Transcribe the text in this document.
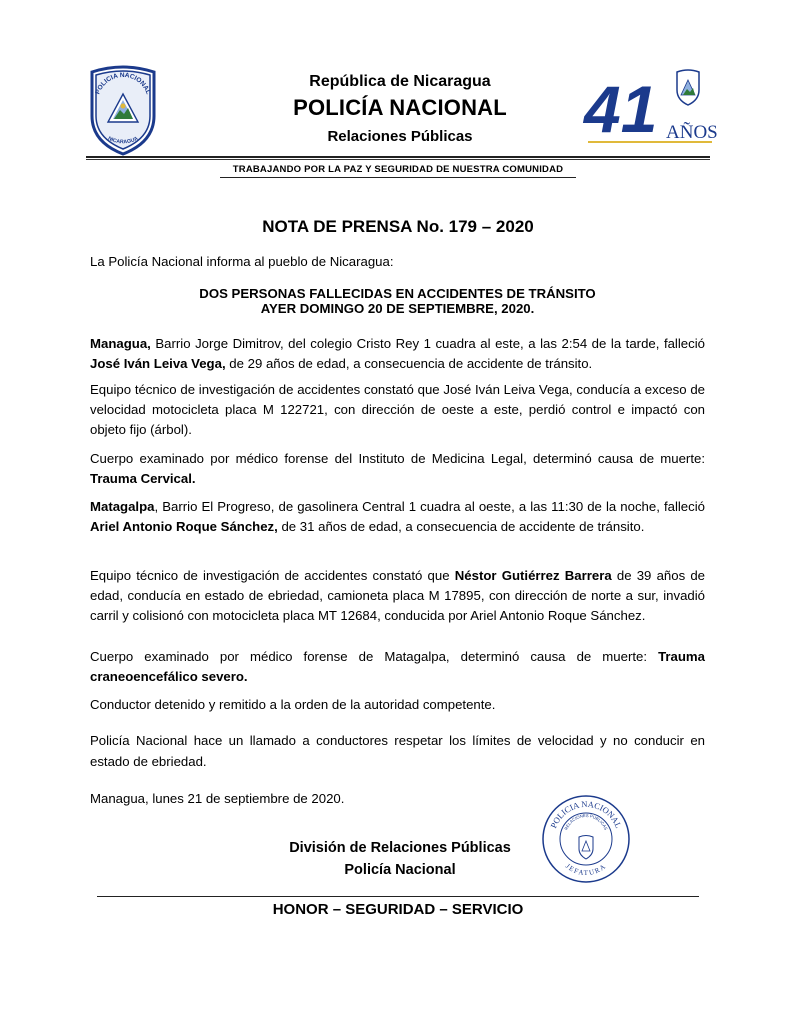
POLICIA NACIONAL
NICARAGUA
República de Nicaragua
POLICÍA NACIONAL
Relaciones Públicas	41 AÑOS
TRABAJANDO POR LA PAZ Y SEGURIDAD DE NUESTRA COMUNIDAD
NOTA DE PRENSA No. 179 – 2020
La Policía Nacional informa al pueblo de Nicaragua:
DOS PERSONAS FALLECIDAS EN ACCIDENTES DE TRÁNSITO
AYER DOMINGO 20 DE SEPTIEMBRE, 2020.
Managua, Barrio Jorge Dimitrov, del colegio Cristo Rey 1 cuadra al este, a las 2:54 de la tarde, falleció José Iván Leiva Vega, de 29 años de edad, a consecuencia de accidente de tránsito.
Equipo técnico de investigación de accidentes constató que José Iván Leiva Vega, conducía a exceso de velocidad motocicleta placa M 122721, con dirección de oeste a este, perdió control e impactó con objeto fijo (árbol).
Cuerpo examinado por médico forense del Instituto de Medicina Legal, determinó causa de muerte: Trauma Cervical.
Matagalpa, Barrio El Progreso, de gasolinera Central 1 cuadra al oeste, a las 11:30 de la noche, falleció Ariel Antonio Roque Sánchez, de 31 años de edad, a consecuencia de accidente de tránsito.
Equipo técnico de investigación de accidentes constató que Néstor Gutiérrez Barrera de 39 años de edad, conducía en estado de ebriedad, camioneta placa M 17895, con dirección de norte a sur, invadió carril y colisionó con motocicleta placa MT 12684, conducida por Ariel Antonio Roque Sánchez.
Cuerpo examinado por médico forense de Matagalpa, determinó causa de muerte: Trauma craneoencefálico severo.
Conductor detenido y remitido a la orden de la autoridad competente.
Policía Nacional hace un llamado a conductores respetar los límites de velocidad y no conducir en estado de ebriedad.
Managua, lunes 21 de septiembre de 2020.
POLICIA NACIONAL
RELACIONES PUBLICAS
JEFATURA
División de Relaciones Públicas
Policía Nacional
HONOR – SEGURIDAD – SERVICIO
